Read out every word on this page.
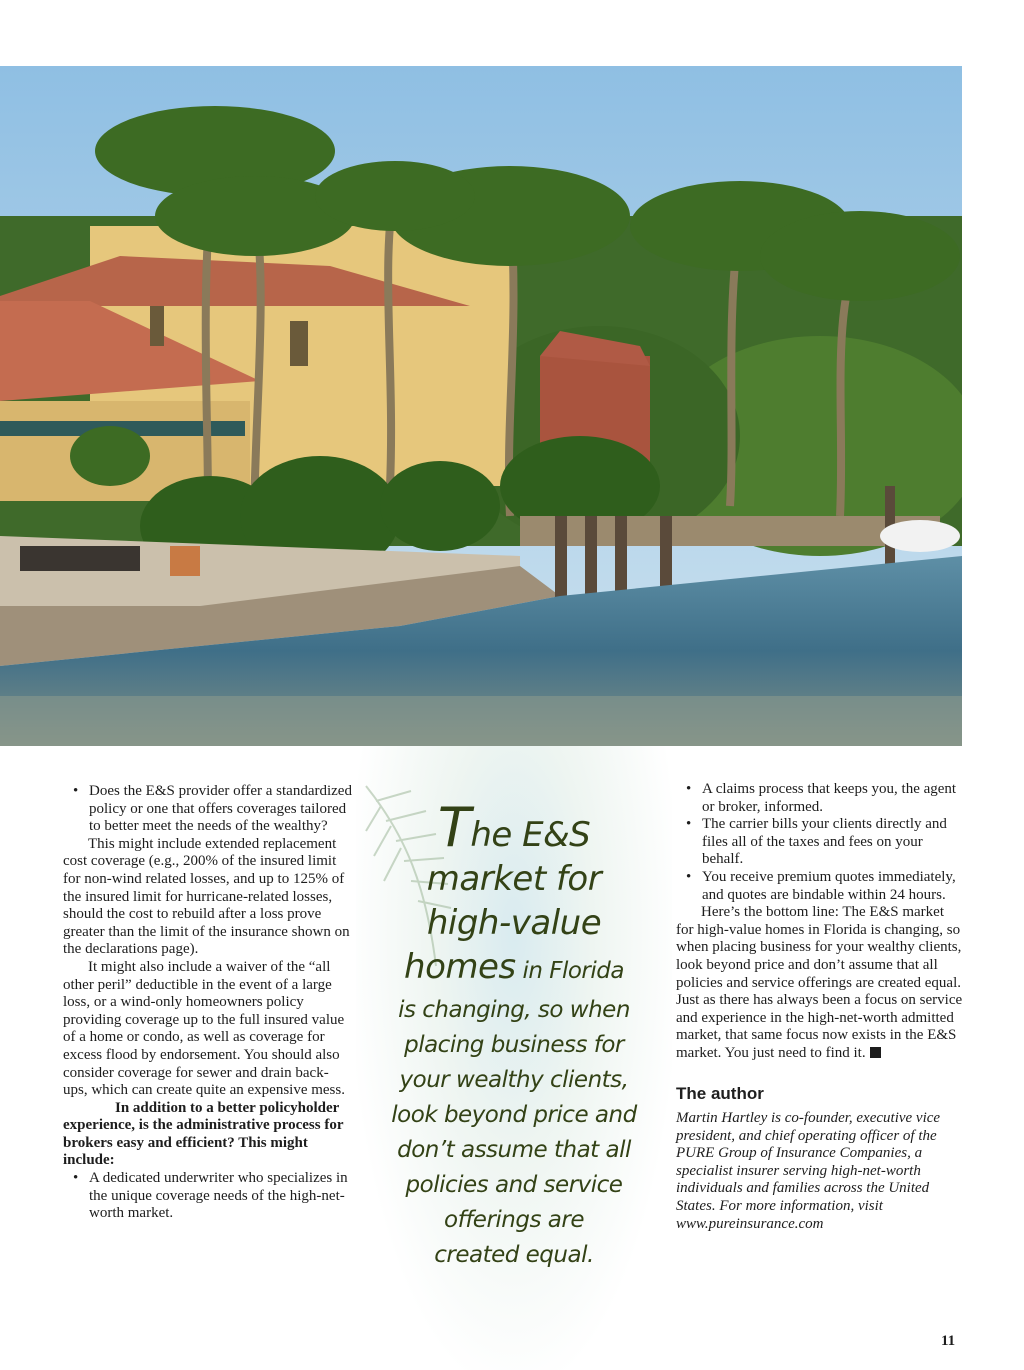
• Does the E&S provider offer a standardized policy or one that offers coverages tailored to better meet the needs of the wealthy?

This might include extended replacement cost coverage (e.g., 200% of the insured limit for non-wind related losses, and up to 125% of the insured limit for hurricane-related losses, should the cost to rebuild after a loss prove greater than the limit of the insurance shown on the declarations page).

It might also include a waiver of the “all other peril” deductible in the event of a large loss, or a wind-only homeowners policy providing coverage up to the full insured value of a home or condo, as well as coverage for excess flood by endorsement. You should also consider coverage for sewer and drain back-ups, which can create quite an expensive mess.

In addition to a better policyholder experience, is the administrative process for brokers easy and efficient? This might include:

• A dedicated underwriter who specializes in the unique coverage needs of the high-net-worth market.
The E&S
market for
high-value
homes in Florida
is changing, so when
placing business for
your wealthy clients,
look beyond price and
don’t assume that all
policies and service
offerings are
created equal.
• A claims process that keeps you, the agent or broker, informed.
• The carrier bills your clients directly and files all of the taxes and fees on your behalf.
• You receive premium quotes immediately, and quotes are bindable within 24 hours.

Here’s the bottom line: The E&S market for high-value homes in Florida is changing, so when placing business for your wealthy clients, look beyond price and don’t assume that all policies and service offerings are created equal. Just as there has always been a focus on service and experience in the high-net-worth admitted market, that same focus now exists in the E&S market. You just need to find it.

The author

Martin Hartley is co-founder, executive vice president, and chief operating officer of the PURE Group of Insurance Companies, a specialist insurer serving high-net-worth individuals and families across the United States. For more information, visit www.pureinsurance.com

11
